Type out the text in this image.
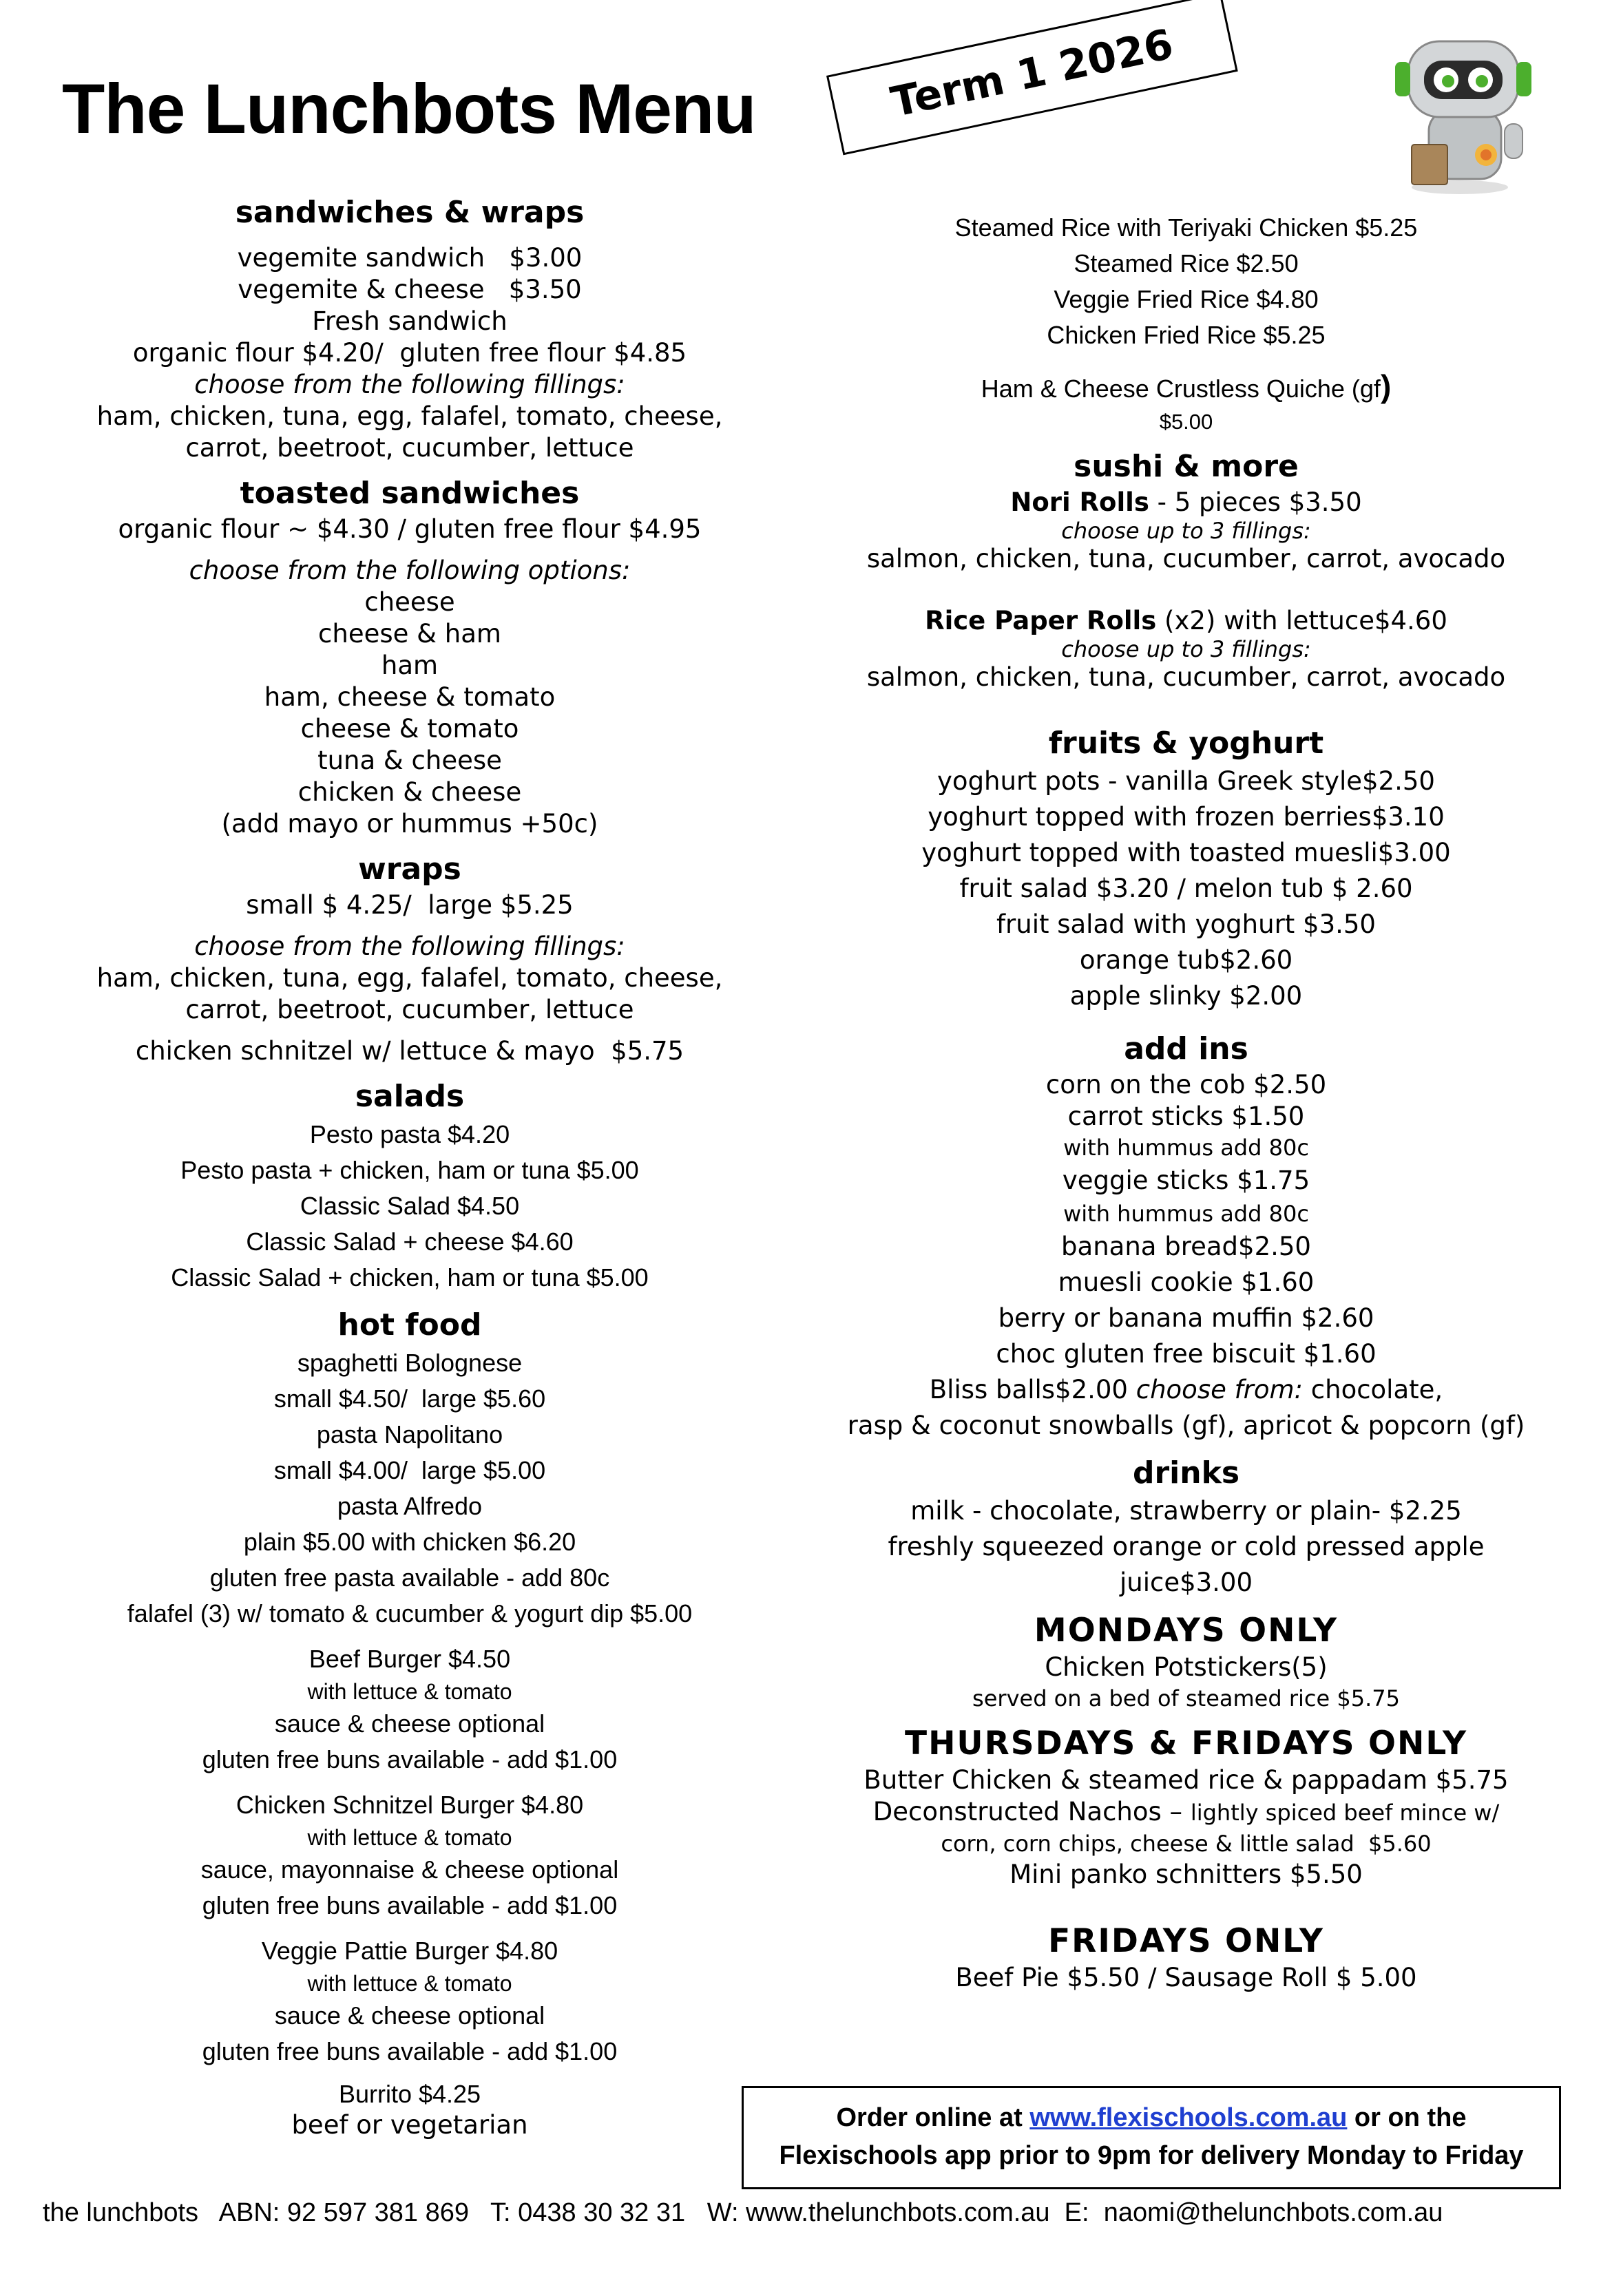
The Lunchbots Menu	Term 1 2026
sandwiches & wraps
vegemite sandwich   $3.00
vegemite & cheese   $3.50
Fresh sandwich
organic flour $4.20/  gluten free flour $4.85
choose from the following fillings:
ham, chicken, tuna, egg, falafel, tomato, cheese,
carrot, beetroot, cucumber, lettuce
toasted sandwiches
organic flour ~ $4.30 / gluten free flour $4.95
choose from the following options:
cheese
cheese & ham
ham
ham, cheese & tomato
cheese & tomato
tuna & cheese
chicken & cheese
(add mayo or hummus +50c)
wraps
small $ 4.25/  large $5.25
choose from the following fillings:
ham, chicken, tuna, egg, falafel, tomato, cheese,
carrot, beetroot, cucumber, lettuce
chicken schnitzel w/ lettuce & mayo  $5.75
salads
Pesto pasta $4.20
Pesto pasta + chicken, ham or tuna $5.00
Classic Salad $4.50
Classic Salad + cheese $4.60
Classic Salad + chicken, ham or tuna $5.00
hot food
spaghetti Bolognese
small $4.50/  large $5.60
pasta Napolitano
small $4.00/  large $5.00
pasta Alfredo
plain $5.00 with chicken $6.20
gluten free pasta available - add 80c
falafel (3) w/ tomato & cucumber & yogurt dip $5.00
Beef Burger $4.50
with lettuce & tomato
sauce & cheese optional
gluten free buns available - add $1.00
Chicken Schnitzel Burger $4.80
with lettuce & tomato
sauce, mayonnaise & cheese optional
gluten free buns available - add $1.00
Veggie Pattie Burger $4.80
with lettuce & tomato
sauce & cheese optional
gluten free buns available - add $1.00
Burrito $4.25
beef or vegetarian
Steamed Rice with Teriyaki Chicken $5.25
Steamed Rice $2.50
Veggie Fried Rice $4.80
Chicken Fried Rice $5.25
Ham & Cheese Crustless Quiche (gf)
$5.00
sushi & more
Nori Rolls - 5 pieces $3.50
choose up to 3 fillings:
salmon, chicken, tuna, cucumber, carrot, avocado
Rice Paper Rolls (x2) with lettuce$4.60
choose up to 3 fillings:
salmon, chicken, tuna, cucumber, carrot, avocado
fruits & yoghurt
yoghurt pots - vanilla Greek style$2.50
yoghurt topped with frozen berries$3.10
yoghurt topped with toasted muesli$3.00
fruit salad $3.20 / melon tub $ 2.60
fruit salad with yoghurt $3.50
orange tub$2.60
apple slinky $2.00
add ins
corn on the cob $2.50
carrot sticks $1.50
with hummus add 80c
veggie sticks $1.75
with hummus add 80c
banana bread$2.50
muesli cookie $1.60
berry or banana muffin $2.60
choc gluten free biscuit $1.60
Bliss balls$2.00 choose from: chocolate,
rasp & coconut snowballs (gf), apricot & popcorn (gf)
drinks
milk - chocolate, strawberry or plain- $2.25
freshly squeezed orange or cold pressed apple
juice$3.00
MONDAYS ONLY
Chicken Potstickers(5)
served on a bed of steamed rice $5.75
THURSDAYS & FRIDAYS ONLY
Butter Chicken & steamed rice & pappadam $5.75
Deconstructed Nachos – lightly spiced beef mince w/
corn, corn chips, cheese & little salad  $5.60
Mini panko schnitters $5.50
FRIDAYS ONLY
Beef Pie $5.50 / Sausage Roll $ 5.00
Order online at www.flexischools.com.au or on the
Flexischools app prior to 9pm for delivery Monday to Friday
the lunchbots   ABN: 92 597 381 869   T: 0438 30 32 31   W: www.thelunchbots.com.au  E:  naomi@thelunchbots.com.au
